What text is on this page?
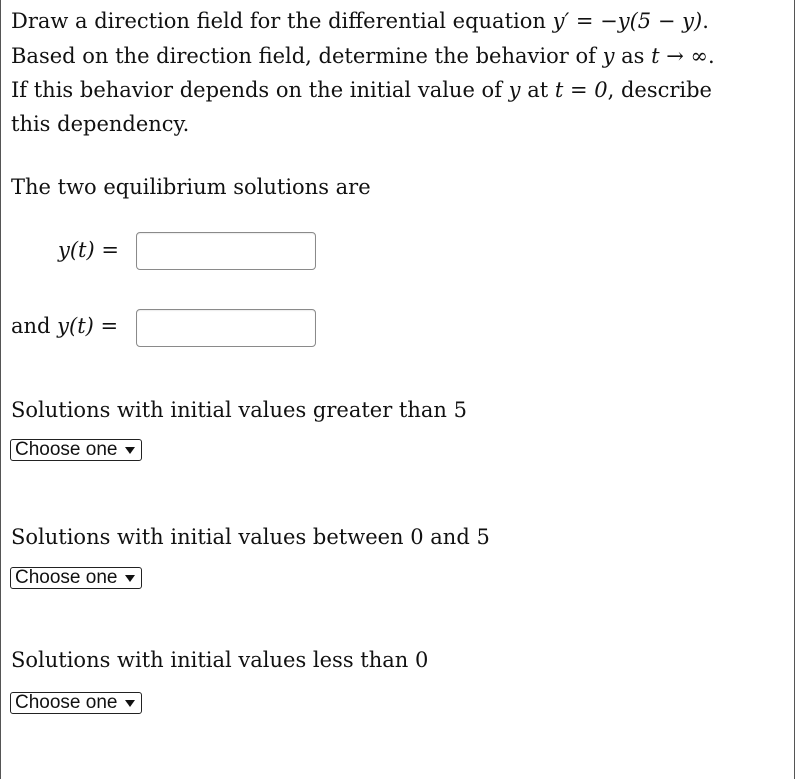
Draw a direction field for the differential equation y′ = −y(5 − y).
Based on the direction field, determine the behavior of y as t → ∞.
If this behavior depends on the initial value of y at t = 0, describe
this dependency.
The two equilibrium solutions are
y(t) =
and y(t) =
Solutions with initial values greater than 5
Choose one
Solutions with initial values between 0 and 5
Choose one
Solutions with initial values less than 0
Choose one
